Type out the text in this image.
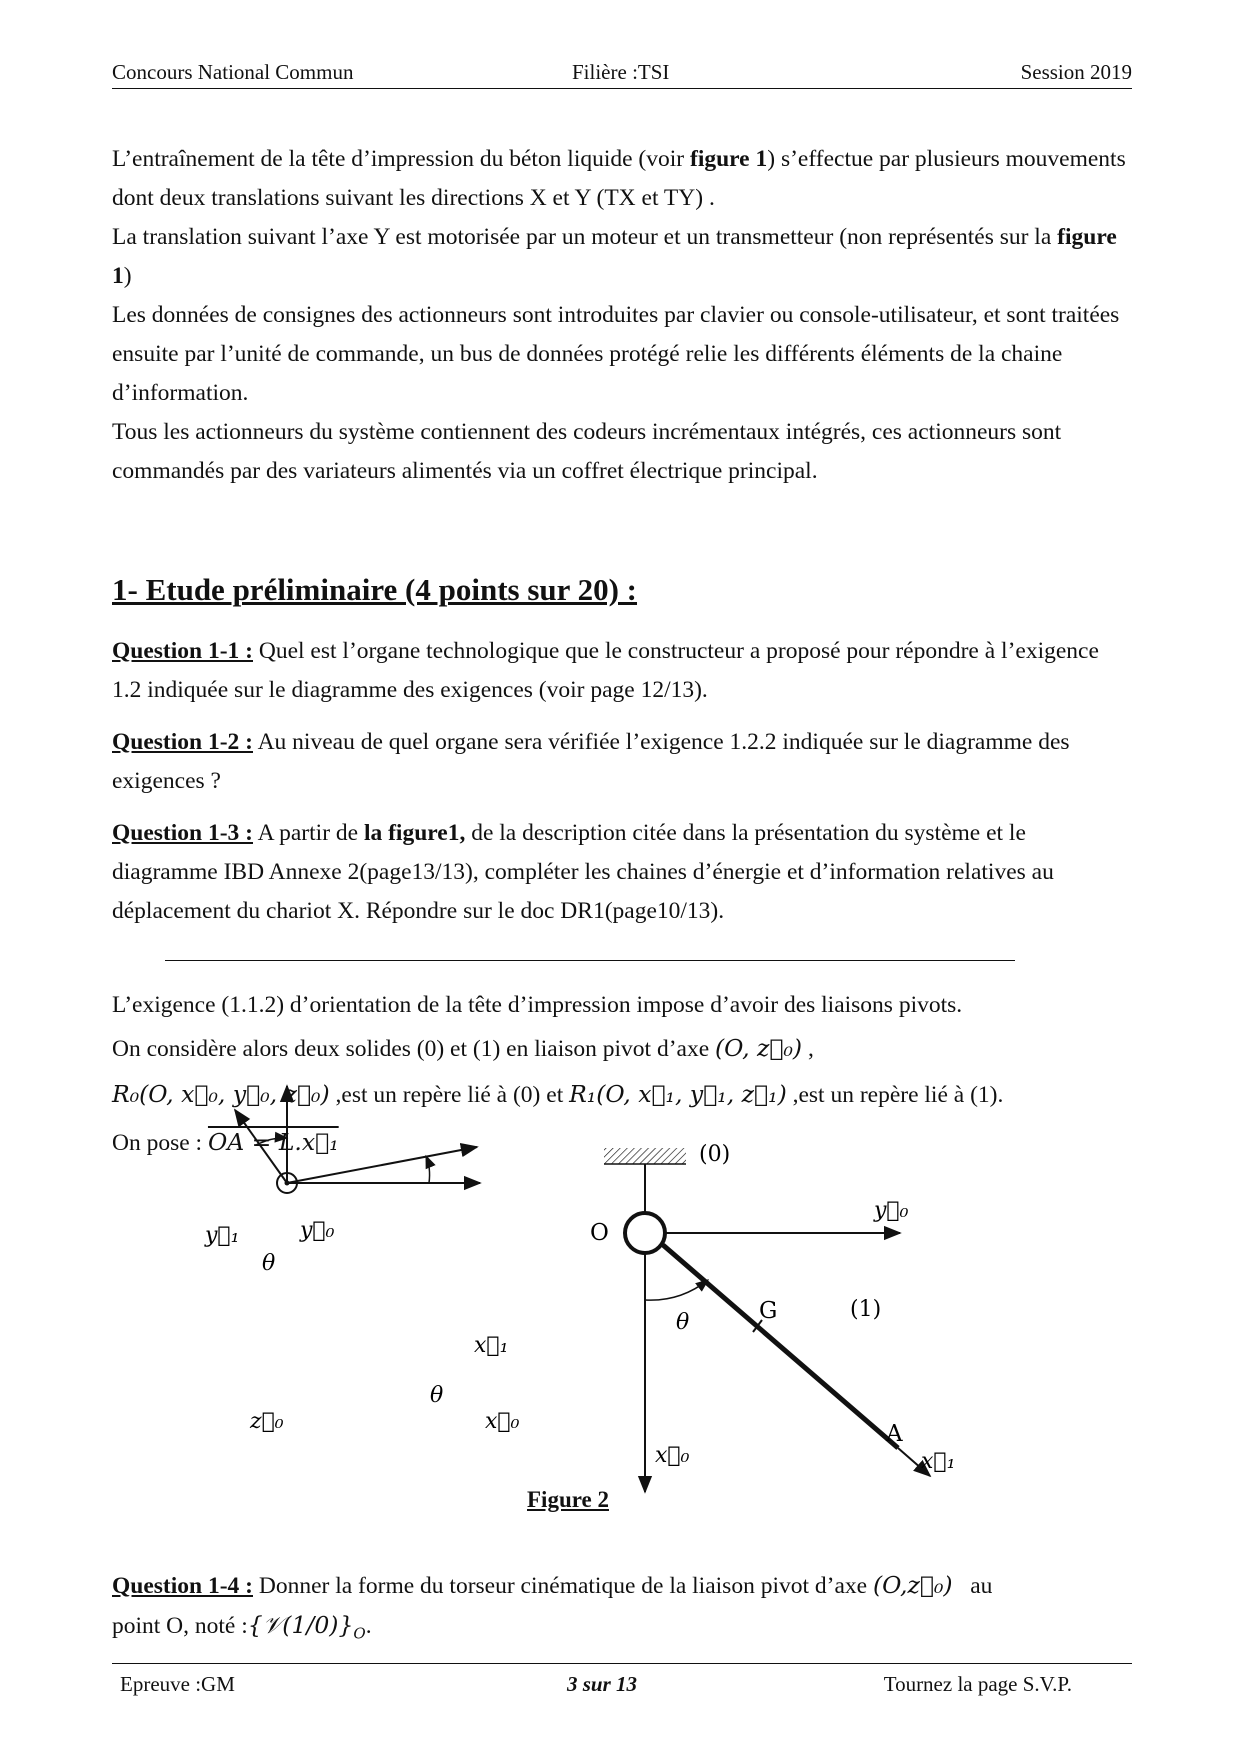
Concours National Commun	Filière :TSI	Session 2019

L’entraînement de la tête d’impression du béton liquide (voir figure 1) s’effectue par plusieurs mouvements dont deux translations suivant les directions X et Y (TX et TY) .

La translation suivant l’axe Y est motorisée par un moteur et un transmetteur (non représentés sur la figure 1)

Les données de consignes des actionneurs sont introduites par clavier ou console-utilisateur, et sont traitées ensuite par l’unité de commande, un bus de données protégé relie les différents éléments de la chaine d’information.

Tous les actionneurs du système contiennent des codeurs incrémentaux intégrés, ces actionneurs sont commandés par des variateurs alimentés via un coffret électrique principal.

1- Etude préliminaire (4 points sur 20) :
Question 1-1 : Quel est l’organe technologique que le constructeur a proposé pour répondre à l’exigence 1.2 indiquée sur le diagramme des exigences (voir page 12/13).
Question 1-2 : Au niveau de quel organe sera vérifiée l’exigence 1.2.2 indiquée sur le diagramme des exigences ?
Question 1-3 : A partir de la figure1, de la description citée dans la présentation du système et le diagramme IBD Annexe 2(page13/13), compléter les chaines d’énergie et d’information relatives au déplacement du chariot X. Répondre sur le doc DR1(page10/13).
L’exigence (1.1.2) d’orientation de la tête d’impression impose d’avoir des liaisons pivots.
On considère alors deux solides (0) et (1) en liaison pivot d’axe (O, z⃗₀) ,
R₀(O, x⃗₀, y⃗₀, z⃗₀) ,est un repère lié à (0) et R₁(O, x⃗₁, y⃗₁, z⃗₁) ,est un repère lié à (1).
On pose : OA = L.x⃗₁
y⃗₁	y⃗₀
θ
x⃗₁
θ
z⃗₀	x⃗₀
(0)
O
y⃗₀
G	(1)
θ
A
x⃗₀	x⃗₁
Figure 2
Question 1-4 : Donner la forme du torseur cinématique de la liaison pivot d’axe (O,z⃗₀) au
point O, noté $:\{𝒱(1/0)\}_O$.
Epreuve :GM	3 sur 13	Tournez la page S.V.P.
